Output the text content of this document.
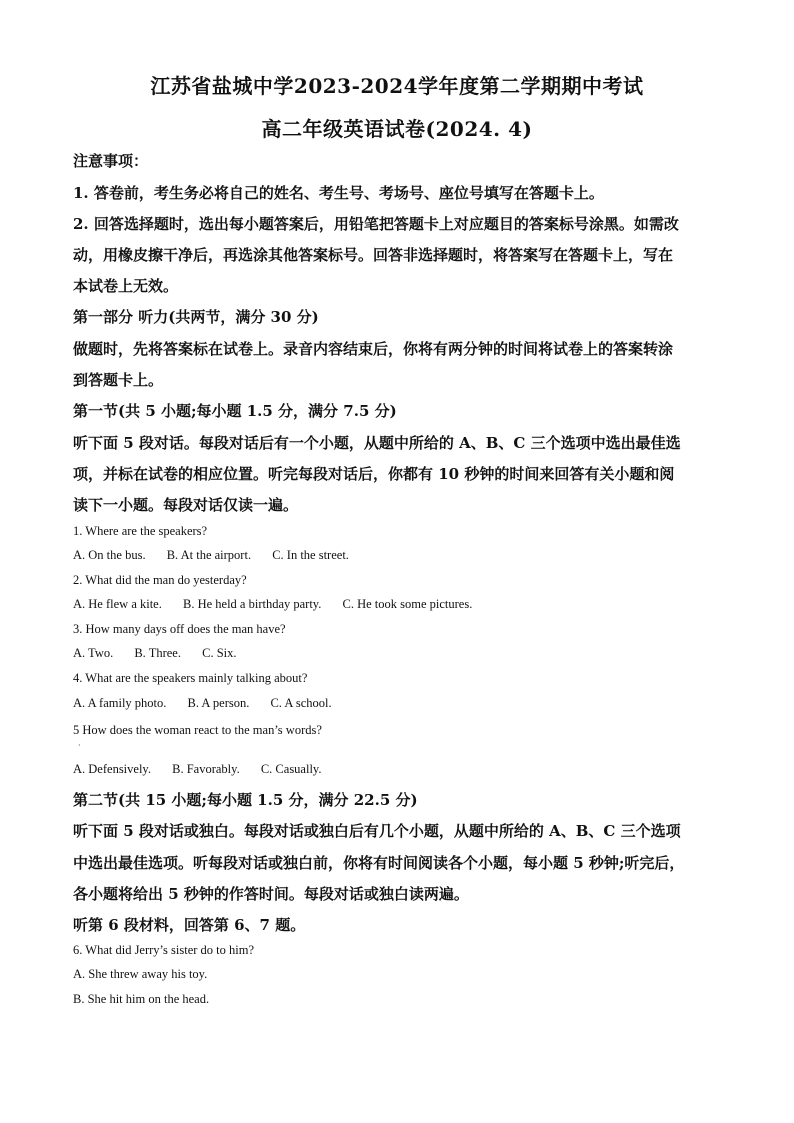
江苏省盐城中学2023-2024学年度第二学期期中考试
高二年级英语试卷(2024. 4)
注意事项：
1. 答卷前，考生务必将自己的姓名、考生号、考场号、座位号填写在答题卡上。
2. 回答选择题时，选出每小题答案后，用铅笔把答题卡上对应题目的答案标号涂黑。如需改
动，用橡皮擦干净后，再选涂其他答案标号。回答非选择题时，将答案写在答题卡上，写在
本试卷上无效。
第一部分 听力(共两节，满分 30 分)
做题时，先将答案标在试卷上。录音内容结束后，你将有两分钟的时间将试卷上的答案转涂
到答题卡上。
第一节(共 5 小题;每小题 1.5 分，满分 7.5 分)
听下面 5 段对话。每段对话后有一个小题，从题中所给的 A、B、C 三个选项中选出最佳选
项，并标在试卷的相应位置。听完每段对话后，你都有 10 秒钟的时间来回答有关小题和阅
读下一小题。每段对话仅读一遍。
1. Where are the speakers?
A. On the bus. B. At the airport. C. In the street.
2. What did the man do yesterday?
A. He flew a kite. B. He held a birthday party. C. He took some pictures.
3. How many days off does the man have?
A. Two. B. Three. C. Six.
4. What are the speakers mainly talking about?
A. A family photo. B. A person. C. A school.
5 How does the woman react to the man’s words?
·
A. Defensively. B. Favorably. C. Casually.
第二节(共 15 小题;每小题 1.5 分，满分 22.5 分)
听下面 5 段对话或独白。每段对话或独白后有几个小题，从题中所给的 A、B、C 三个选项
中选出最佳选项。听每段对话或独白前，你将有时间阅读各个小题，每小题 5 秒钟;听完后，
各小题将给出 5 秒钟的作答时间。每段对话或独白读两遍。
听第 6 段材料，回答第 6、7 题。
6. What did Jerry’s sister do to him?
A. She threw away his toy.
B. She hit him on the head.
